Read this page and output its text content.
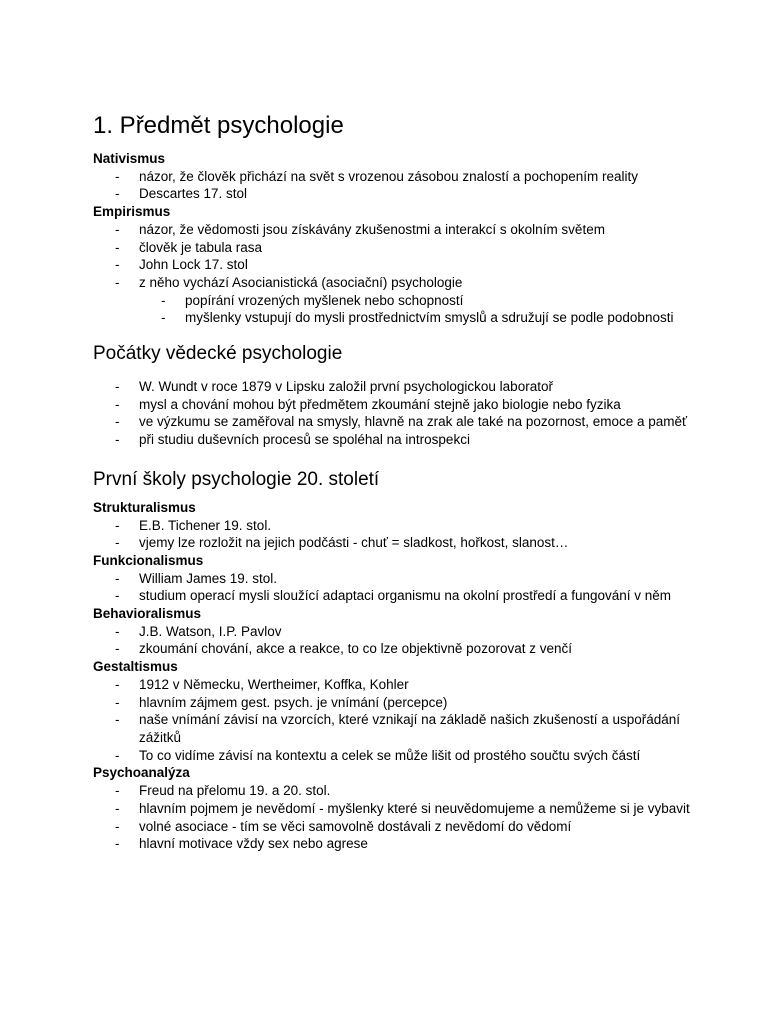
1. Předmět psychologie
Nativismus
- názor, že člověk přichází na svět s vrozenou zásobou znalostí a pochopením reality
- Descartes 17. stol
Empirismus
- názor, že vědomosti jsou získávány zkušenostmi a interakcí s okolním světem
- člověk je tabula rasa
- John Lock 17. stol
- z něho vychází Asocianistická (asociační) psychologie
- popírání vrozených myšlenek nebo schopností
- myšlenky vstupují do mysli prostřednictvím smyslů a sdružují se podle podobnosti
Počátky vědecké psychologie
- W. Wundt v roce 1879 v Lipsku založil první psychologickou laboratoř
- mysl a chování mohou být předmětem zkoumání stejně jako biologie nebo fyzika
- ve výzkumu se zaměřoval na smysly, hlavně na zrak ale také na pozornost, emoce a paměť
- při studiu duševních procesů se spoléhal na introspekci
První školy psychologie 20. století
Strukturalismus
- E.B. Tichener 19. stol.
- vjemy lze rozložit na jejich podčásti - chuť = sladkost, hořkost, slanost…
Funkcionalismus
- William James 19. stol.
- studium operací mysli sloužící adaptaci organismu na okolní prostředí a fungování v něm
Behavioralismus
- J.B. Watson, I.P. Pavlov
- zkoumání chování, akce a reakce, to co lze objektivně pozorovat z venčí
Gestaltismus
- 1912 v Německu, Wertheimer, Koffka, Kohler
- hlavním zájmem gest. psych. je vnímání (percepce)
- naše vnímání závisí na vzorcích, které vznikají na základě našich zkušeností a uspořádání zážitků
- To co vidíme závisí na kontextu a celek se může lišit od prostého součtu svých částí
Psychoanalýza
- Freud na přelomu 19. a 20. stol.
- hlavním pojmem je nevědomí - myšlenky které si neuvědomujeme a nemůžeme si je vybavit
- volné asociace - tím se věci samovolně dostávali z nevědomí do vědomí
- hlavní motivace vždy sex nebo agrese
